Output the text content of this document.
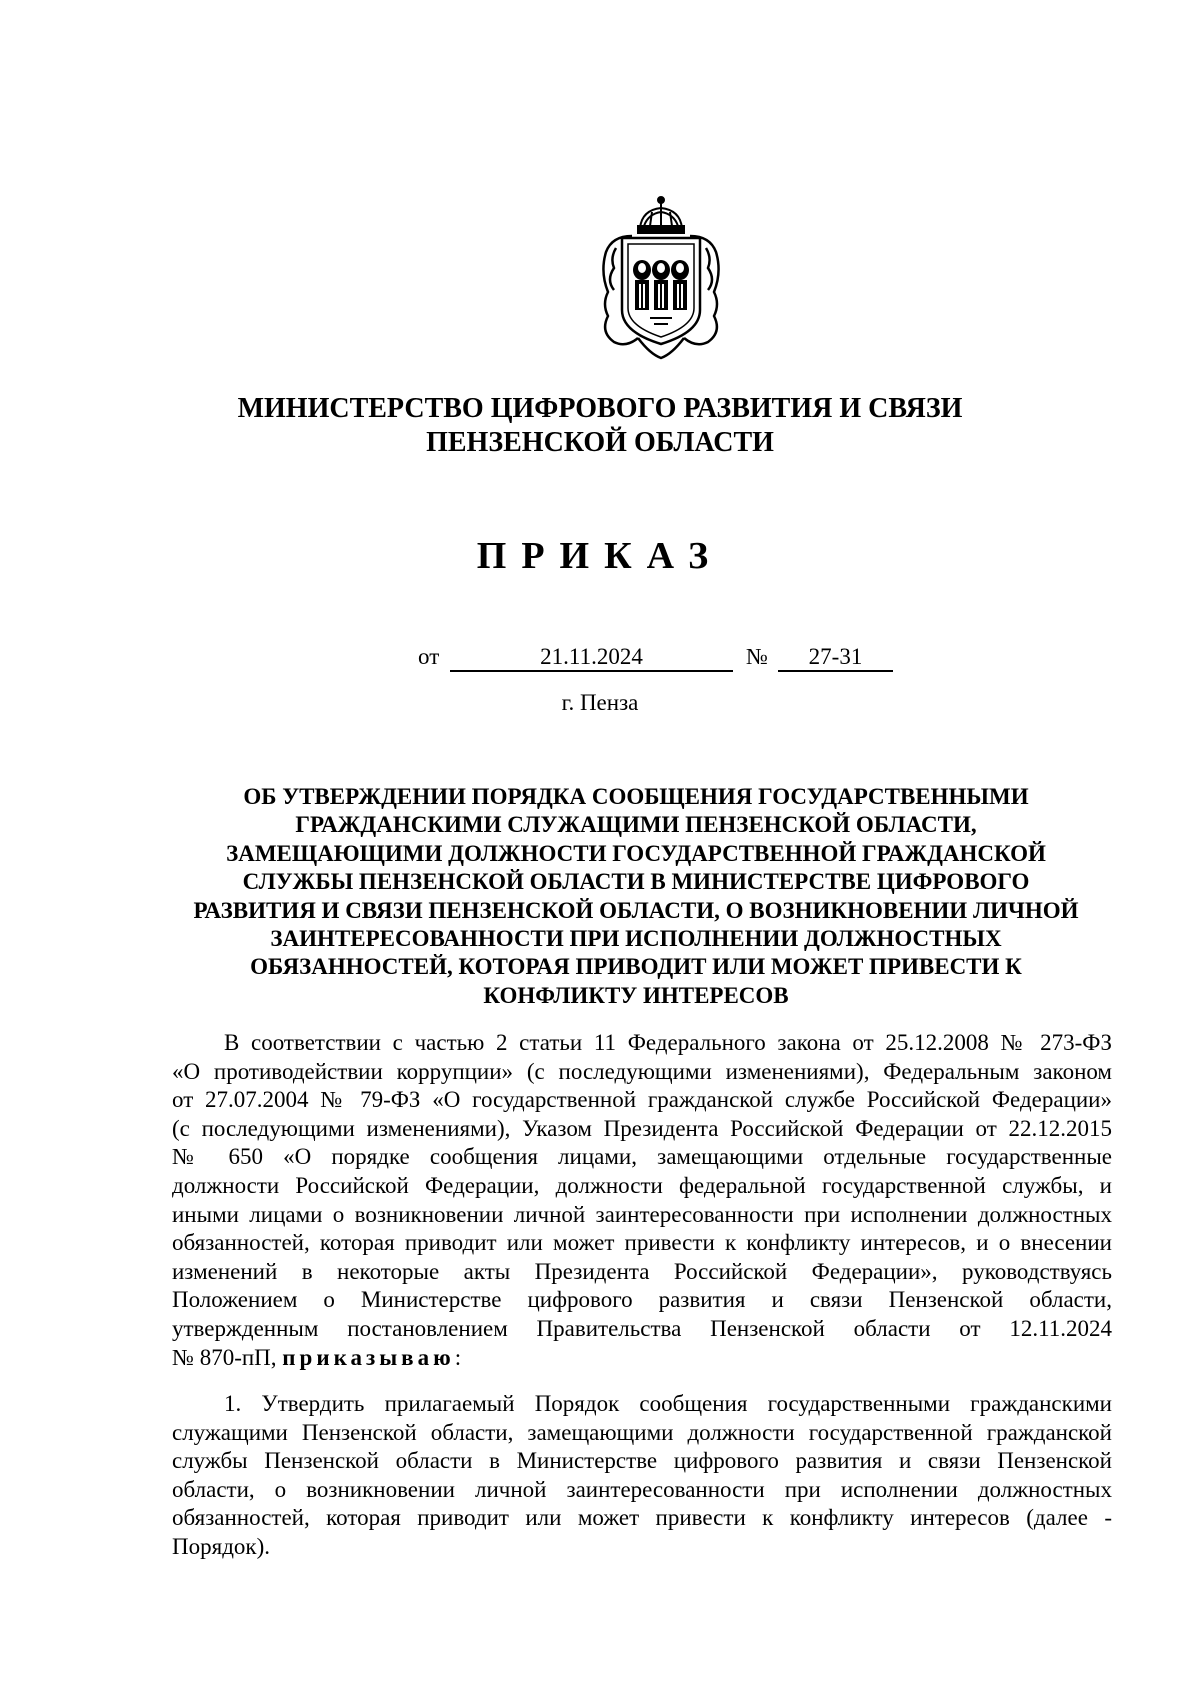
МИНИСТЕРСТВО ЦИФРОВОГО РАЗВИТИЯ И СВЯЗИ
ПЕНЗЕНСКОЙ ОБЛАСТИ
ПРИКАЗ
от	21.11.2024	№	27-31
г. Пенза
ОБ УТВЕРЖДЕНИИ ПОРЯДКА СООБЩЕНИЯ ГОСУДАРСТВЕННЫМИ
ГРАЖДАНСКИМИ СЛУЖАЩИМИ ПЕНЗЕНСКОЙ ОБЛАСТИ,
ЗАМЕЩАЮЩИМИ ДОЛЖНОСТИ ГОСУДАРСТВЕННОЙ ГРАЖДАНСКОЙ
СЛУЖБЫ ПЕНЗЕНСКОЙ ОБЛАСТИ В МИНИСТЕРСТВЕ ЦИФРОВОГО
РАЗВИТИЯ И СВЯЗИ ПЕНЗЕНСКОЙ ОБЛАСТИ, О ВОЗНИКНОВЕНИИ ЛИЧНОЙ
ЗАИНТЕРЕСОВАННОСТИ ПРИ ИСПОЛНЕНИИ ДОЛЖНОСТНЫХ
ОБЯЗАННОСТЕЙ, КОТОРАЯ ПРИВОДИТ ИЛИ МОЖЕТ ПРИВЕСТИ К
КОНФЛИКТУ ИНТЕРЕСОВ
В соответствии с частью 2 статьи 11 Федерального закона от 25.12.2008 № 273-ФЗ
«О противодействии коррупции» (с последующими изменениями), Федеральным законом
от 27.07.2004 № 79-ФЗ «О государственной гражданской службе Российской Федерации»
(с последующими изменениями), Указом Президента Российской Федерации от 22.12.2015
№ 650 «О порядке сообщения лицами, замещающими отдельные государственные
должности Российской Федерации, должности федеральной государственной службы, и
иными лицами о возникновении личной заинтересованности при исполнении должностных
обязанностей, которая приводит или может привести к конфликту интересов, и о внесении
изменений в некоторые акты Президента Российской Федерации», руководствуясь
Положением о Министерстве цифрового развития и связи Пензенской области,
утвержденным постановлением Правительства Пензенской области от 12.11.2024
№ 870-пП, приказываю:
1. Утвердить прилагаемый Порядок сообщения государственными гражданскими
служащими Пензенской области, замещающими должности государственной гражданской
службы Пензенской области в Министерстве цифрового развития и связи Пензенской
области, о возникновении личной заинтересованности при исполнении должностных
обязанностей, которая приводит или может привести к конфликту интересов (далее -
Порядок).
